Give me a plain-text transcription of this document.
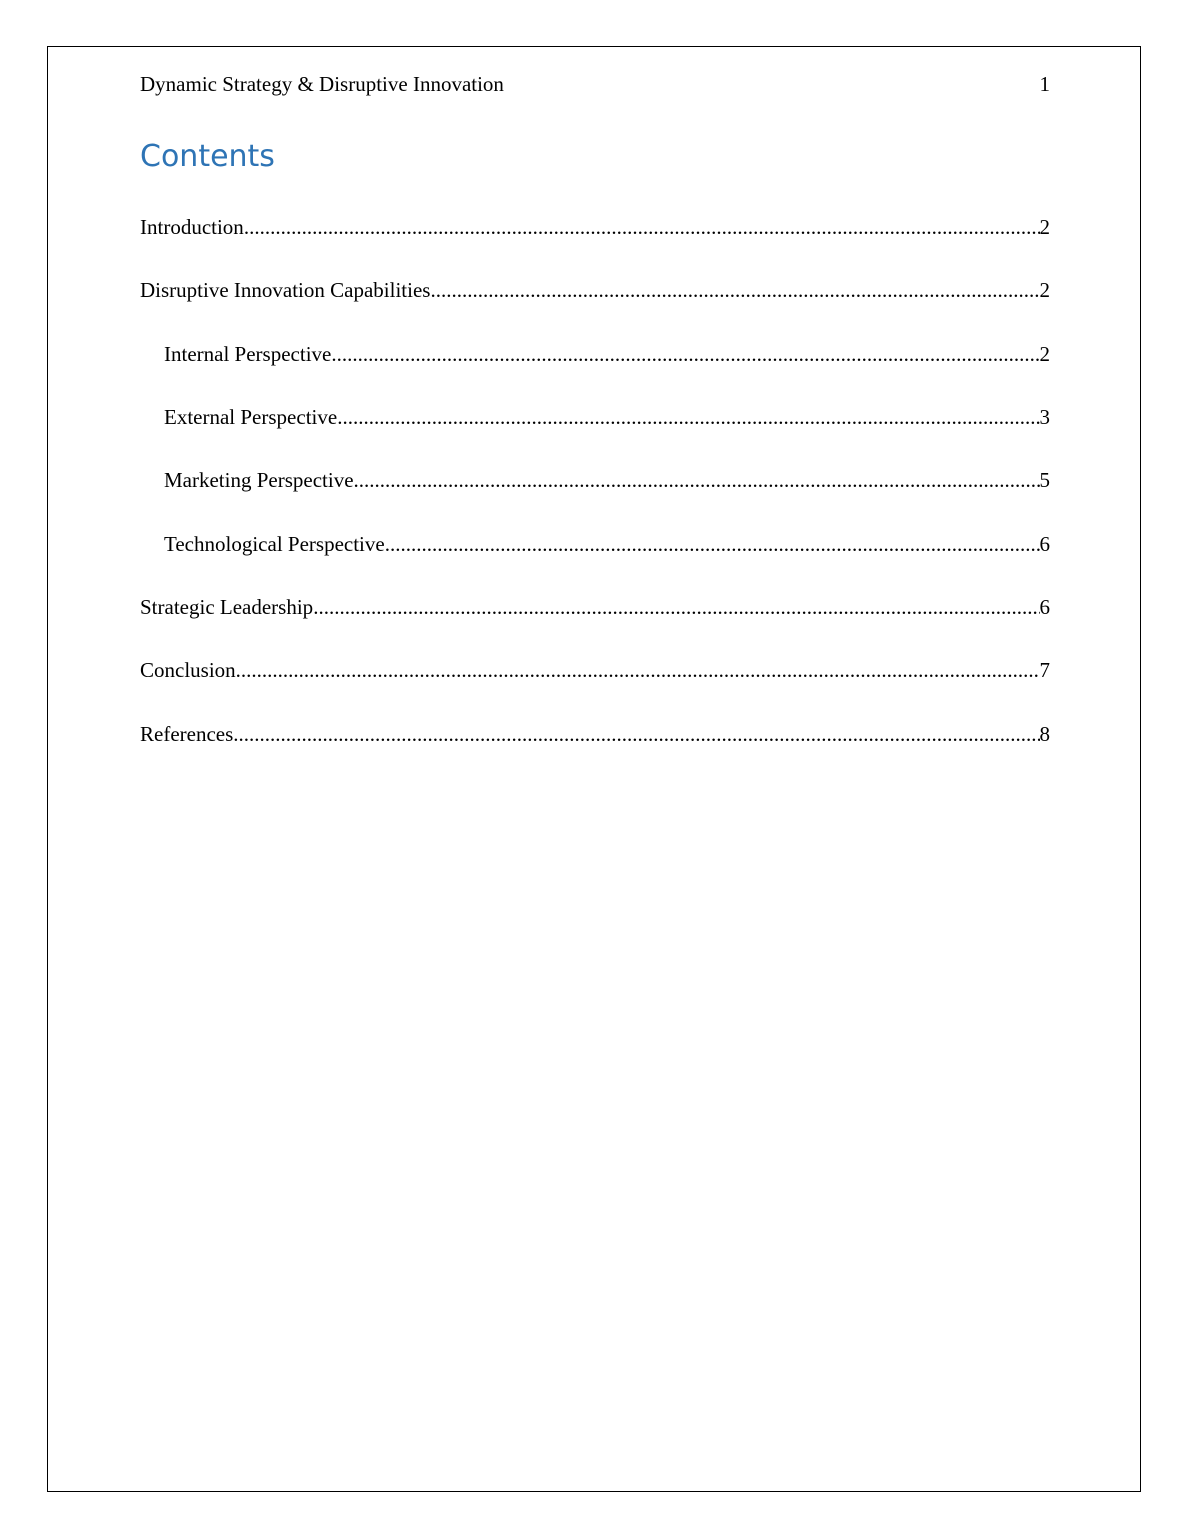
Dynamic Strategy & Disruptive Innovation	1
Contents
Introduction .....	2
Disruptive Innovation Capabilities .....	2
Internal Perspective .....	2
External Perspective .....	3
Marketing Perspective .....	5
Technological Perspective .....	6
Strategic Leadership .....	6
Conclusion .....	7
References .....	8
